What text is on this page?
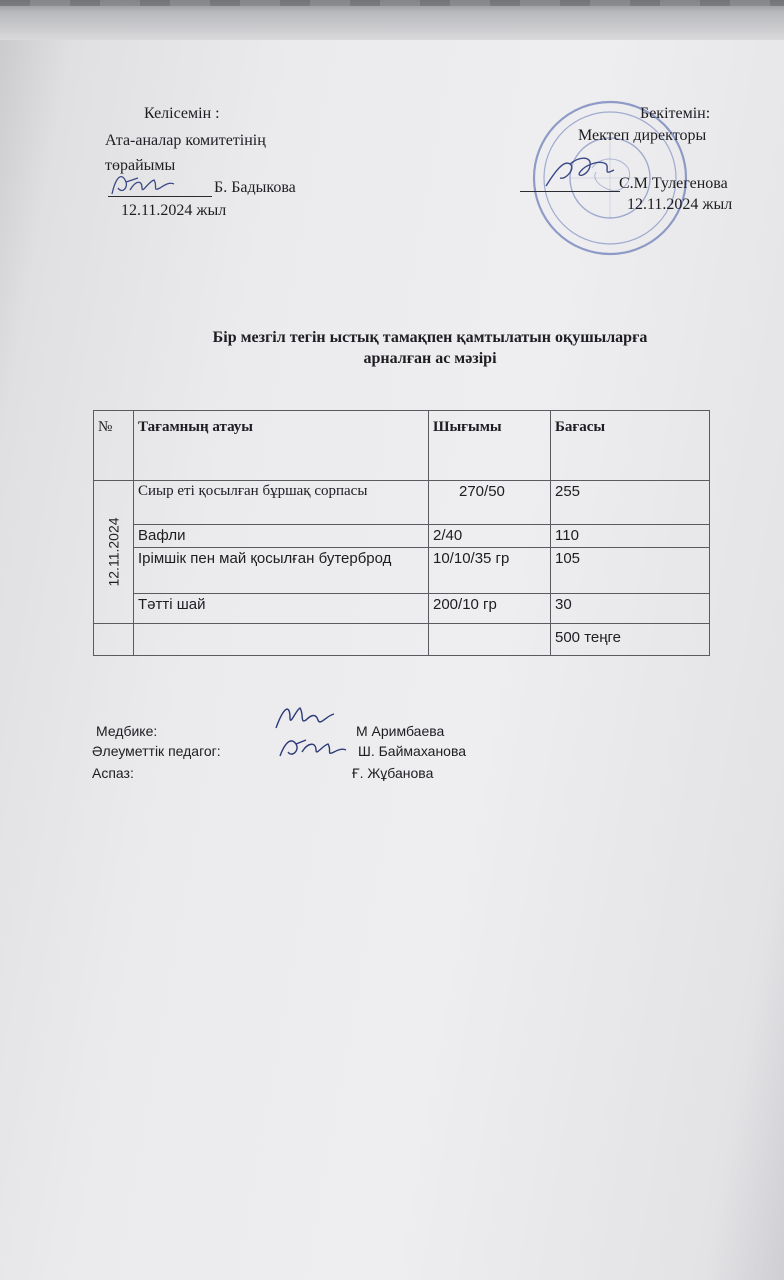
Келісемін :
Ата-аналар комитетінің
төрайымы
Б. Бадыкова
12.11.2024 жыл
Бекітемін:
Мектеп директоры
С.М Тулегенова
12.11.2024 жыл
Бір мезгіл тегін ыстық тамақпен қамтылатын оқушыларға
арналған ас мәзірі
№	Тағамның атауы	Шығымы	Бағасы

12.11.2024	Сиыр еті қосылған бұршақ сорпасы	270/50	255
	Вафли	2/40	110
	Ірімшік пен май қосылған бутерброд	10/10/35 гр	105
	Тәтті шай	200/10 гр	30
			500 теңге
Медбике:	М Аримбаева
Әлеуметтік педагог:	Ш. Баймаханова
Аспаз:	Ғ. Жұбанова
